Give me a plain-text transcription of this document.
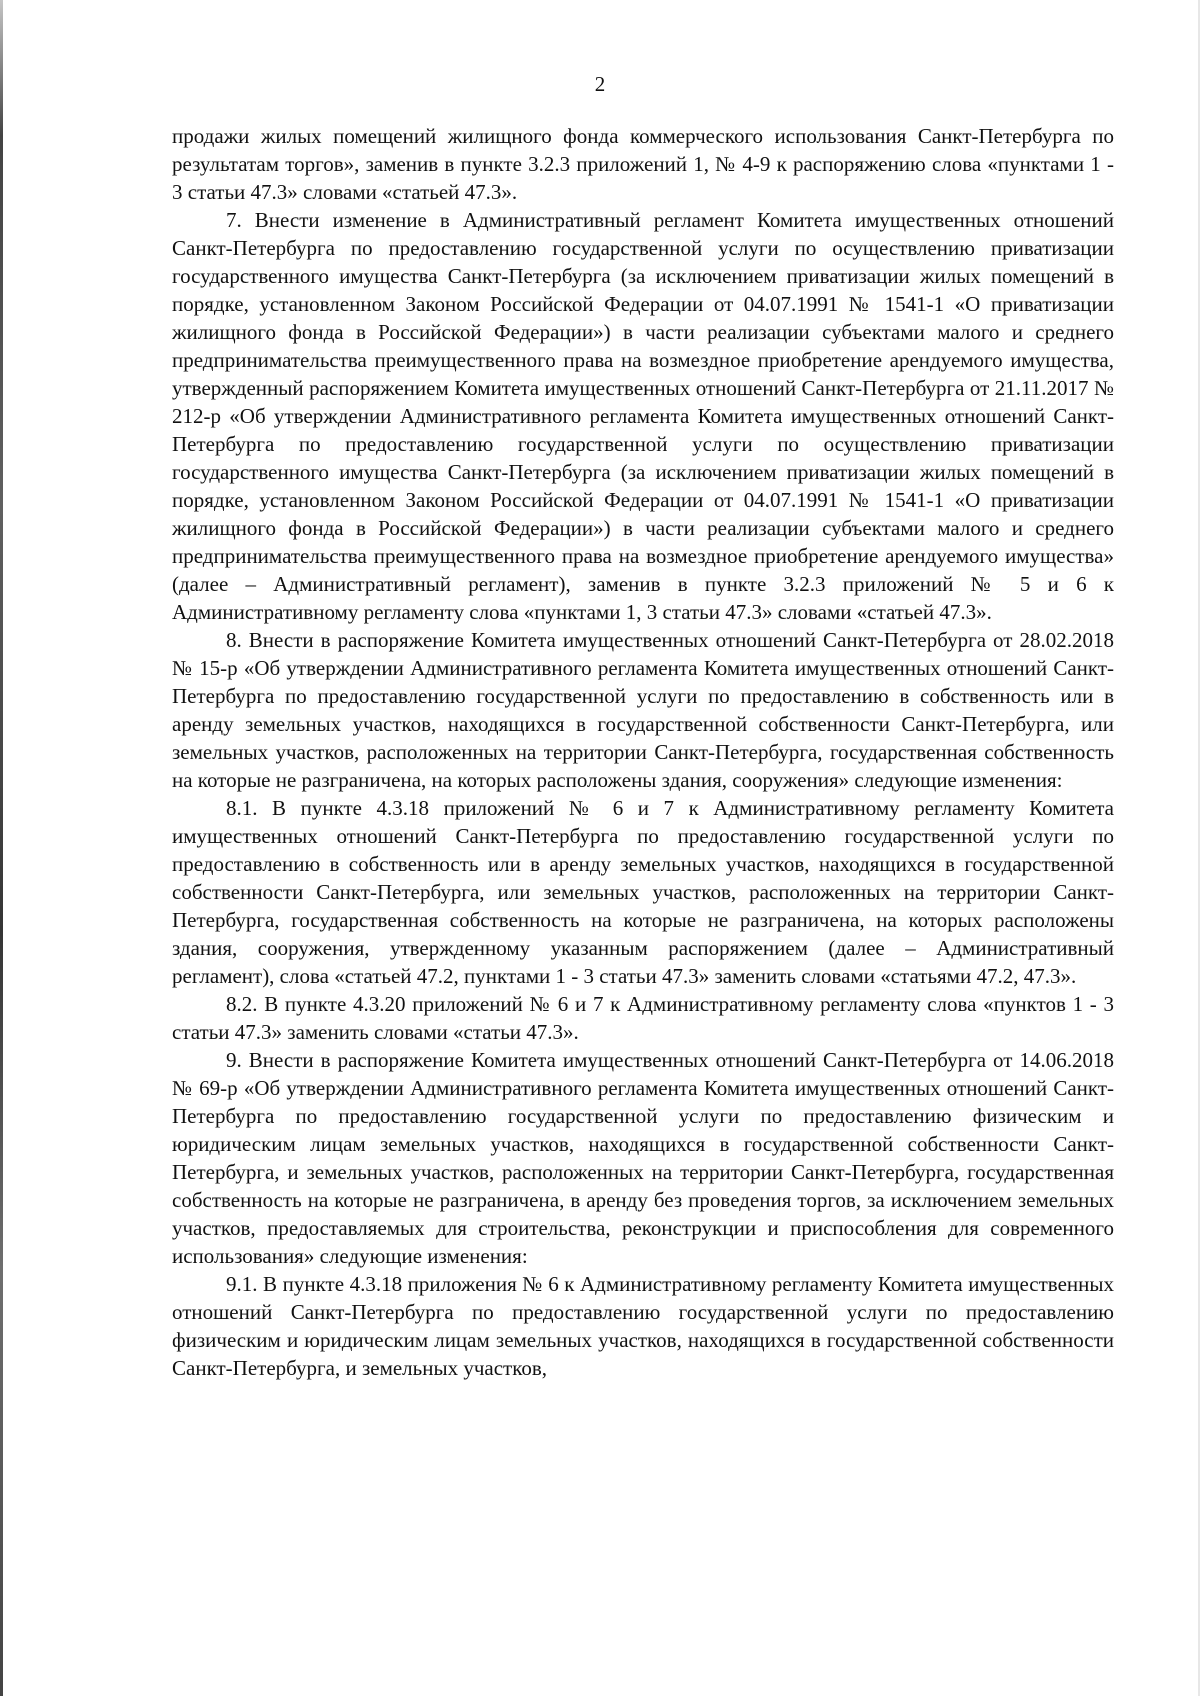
2

продажи жилых помещений жилищного фонда коммерческого использования Санкт-Петербурга по результатам торгов», заменив в пункте 3.2.3 приложений 1, № 4-9 к распоряжению слова «пунктами 1 - 3 статьи 47.3» словами «статьей 47.3».

7. Внести изменение в Административный регламент Комитета имущественных отношений Санкт-Петербурга по предоставлению государственной услуги по осуществлению приватизации государственного имущества Санкт-Петербурга (за исключением приватизации жилых помещений в порядке, установленном Законом Российской Федерации от 04.07.1991 № 1541-1 «О приватизации жилищного фонда в Российской Федерации») в части реализации субъектами малого и среднего предпринимательства преимущественного права на возмездное приобретение арендуемого имущества, утвержденный распоряжением Комитета имущественных отношений Санкт-Петербурга от 21.11.2017 № 212-р «Об утверждении Административного регламента Комитета имущественных отношений Санкт-Петербурга по предоставлению государственной услуги по осуществлению приватизации государственного имущества Санкт-Петербурга (за исключением приватизации жилых помещений в порядке, установленном Законом Российской Федерации от 04.07.1991 № 1541-1 «О приватизации жилищного фонда в Российской Федерации») в части реализации субъектами малого и среднего предпринимательства преимущественного права на возмездное приобретение арендуемого имущества» (далее – Административный регламент), заменив в пункте 3.2.3 приложений № 5 и 6 к Административному регламенту слова «пунктами 1, 3 статьи 47.3» словами «статьей 47.3».

8. Внести в распоряжение Комитета имущественных отношений Санкт-Петербурга от 28.02.2018 № 15-р «Об утверждении Административного регламента Комитета имущественных отношений Санкт-Петербурга по предоставлению государственной услуги по предоставлению в собственность или в аренду земельных участков, находящихся в государственной собственности Санкт-Петербурга, или земельных участков, расположенных на территории Санкт-Петербурга, государственная собственность на которые не разграничена, на которых расположены здания, сооружения» следующие изменения:

8.1. В пункте 4.3.18 приложений № 6 и 7 к Административному регламенту Комитета имущественных отношений Санкт-Петербурга по предоставлению государственной услуги по предоставлению в собственность или в аренду земельных участков, находящихся в государственной собственности Санкт-Петербурга, или земельных участков, расположенных на территории Санкт-Петербурга, государственная собственность на которые не разграничена, на которых расположены здания, сооружения, утвержденному указанным распоряжением (далее – Административный регламент), слова «статьей 47.2, пунктами 1 - 3 статьи 47.3» заменить словами «статьями 47.2, 47.3».

8.2. В пункте 4.3.20 приложений № 6 и 7 к Административному регламенту слова «пунктов 1 - 3 статьи 47.3» заменить словами «статьи 47.3».

9. Внести в распоряжение Комитета имущественных отношений Санкт-Петербурга от 14.06.2018 № 69-р «Об утверждении Административного регламента Комитета имущественных отношений Санкт-Петербурга по предоставлению государственной услуги по предоставлению физическим и юридическим лицам земельных участков, находящихся в государственной собственности Санкт-Петербурга, и земельных участков, расположенных на территории Санкт-Петербурга, государственная собственность на которые не разграничена, в аренду без проведения торгов, за исключением земельных участков, предоставляемых для строительства, реконструкции и приспособления для современного использования» следующие изменения:

9.1. В пункте 4.3.18 приложения № 6 к Административному регламенту Комитета имущественных отношений Санкт-Петербурга по предоставлению государственной услуги по предоставлению физическим и юридическим лицам земельных участков, находящихся в государственной собственности Санкт-Петербурга, и земельных участков,
